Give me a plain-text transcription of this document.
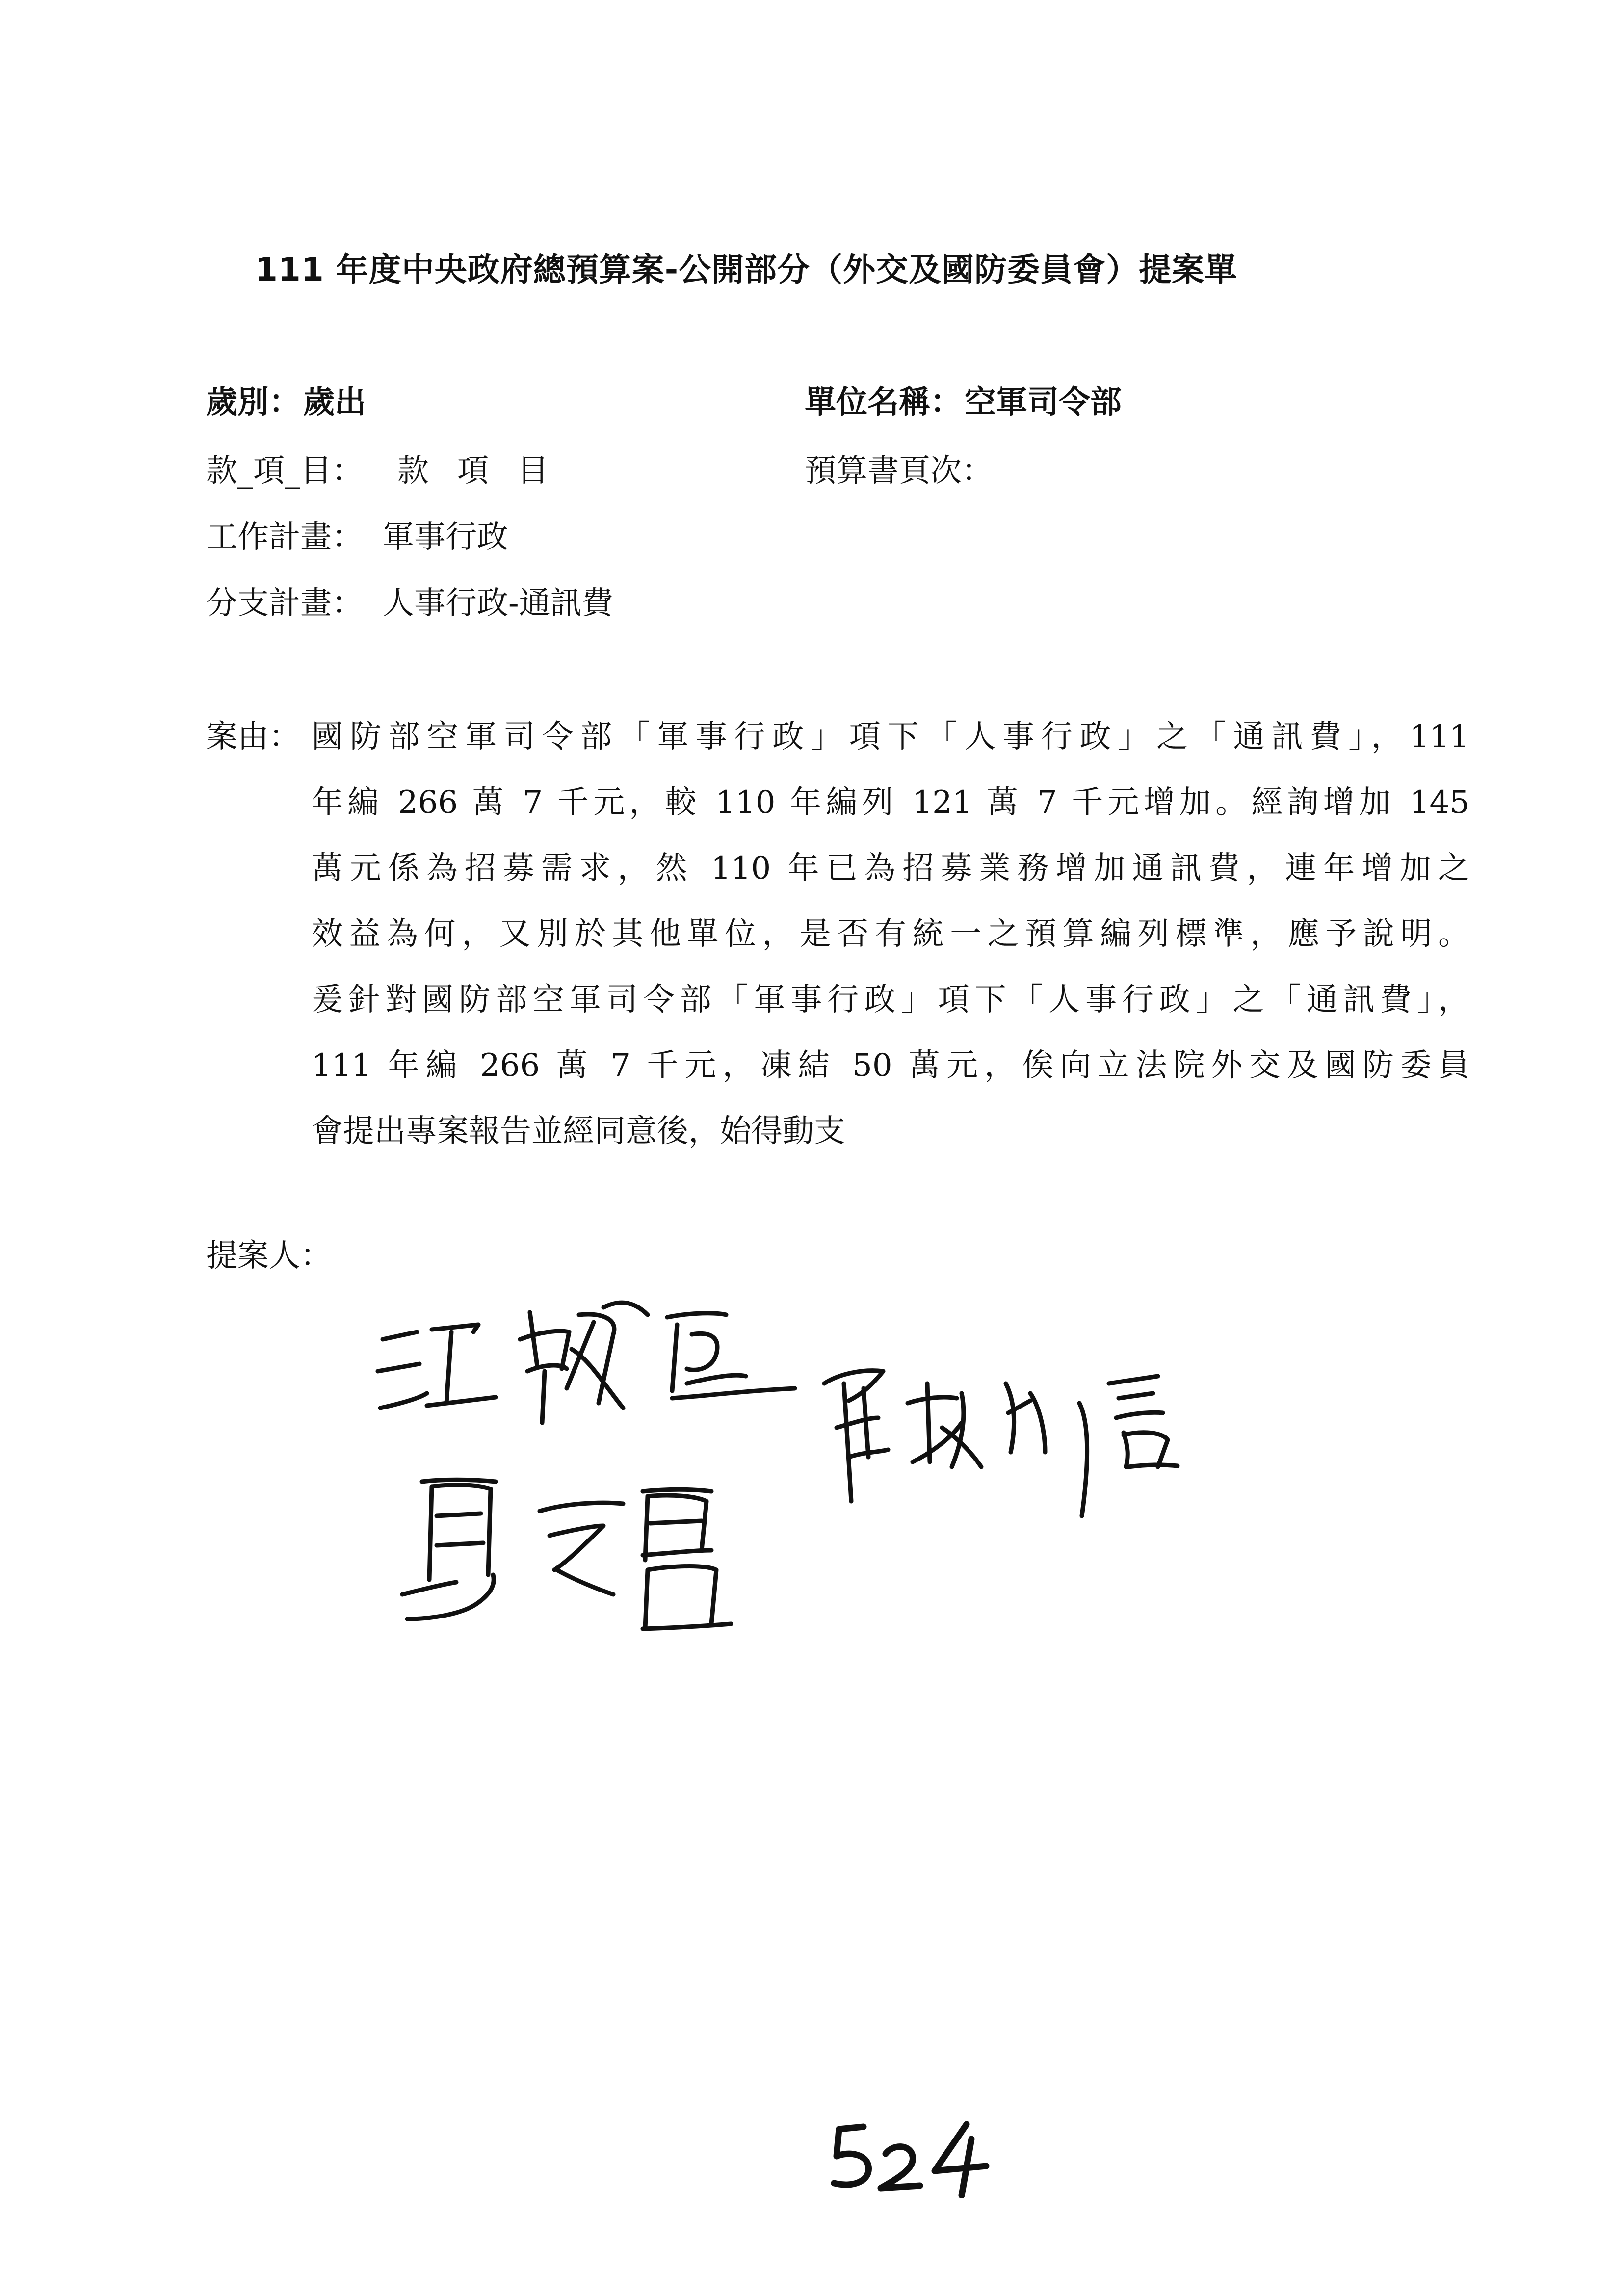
111 年度中央政府總預算案-公開部分（外交及國防委員會）提案單
歲別：歲出	單位名稱：空軍司令部
款_項_目： 款項目	預算書頁次：
工作計畫： 軍事行政
分支計畫： 人事行政-通訊費
案由： 國防部空軍司令部「軍事行政」項下「人事行政」之「通訊費」，111
年編 266 萬 7 千元，較 110 年編列 121 萬 7 千元增加。經詢增加 145
萬元係為招募需求，然 110 年已為招募業務增加通訊費，連年增加之
效益為何，又別於其他單位，是否有統一之預算編列標準，應予說明。
爰針對國防部空軍司令部「軍事行政」項下「人事行政」之「通訊費」，
111 年編 266 萬 7 千元，凍結 50 萬元，俟向立法院外交及國防委員
會提出專案報告並經同意後，始得動支
提案人：
